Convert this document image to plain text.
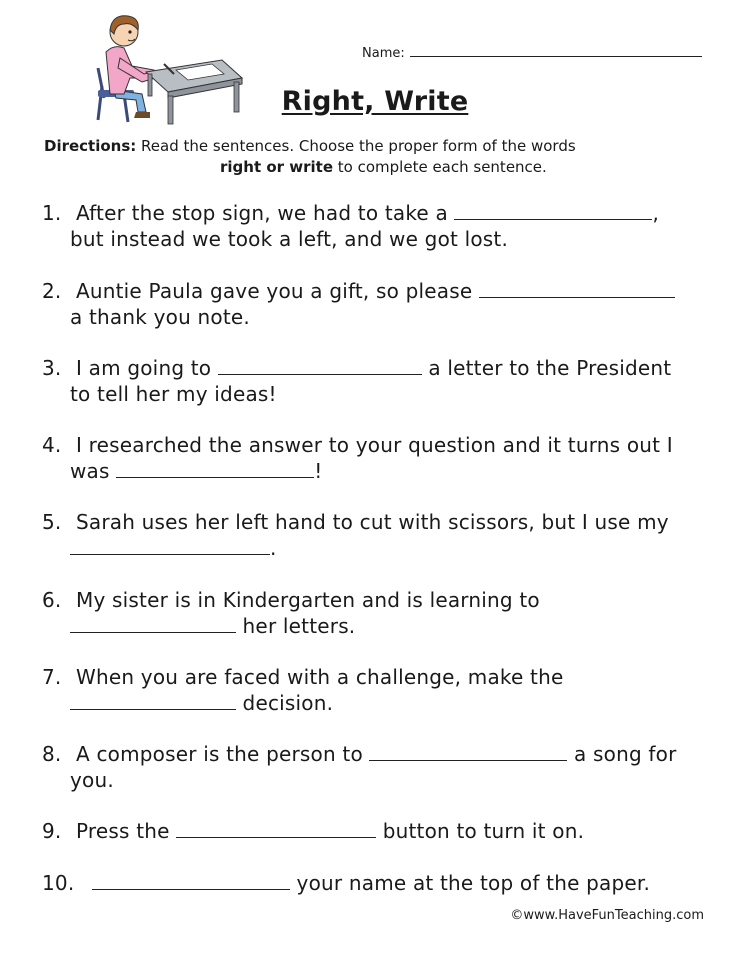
Name:
Right, Write
Directions: Read the sentences. Choose the proper form of the words
right or write to complete each sentence.
1. After the stop sign, we had to take a	,
but instead we took a left, and we got lost.
2. Auntie Paula gave you a gift, so please
a thank you note.
3. I am going to	a letter to the President
to tell her my ideas!
4. I researched the answer to your question and it turns out I
was	!
5. Sarah uses her left hand to cut with scissors, but I use my
.
6. My sister is in Kindergarten and is learning to
her letters.
7. When you are faced with a challenge, make the
decision.
8. A composer is the person to	a song for
you.
9. Press the	button to turn it on.
10.	your name at the top of the paper.
©www.HaveFunTeaching.com
